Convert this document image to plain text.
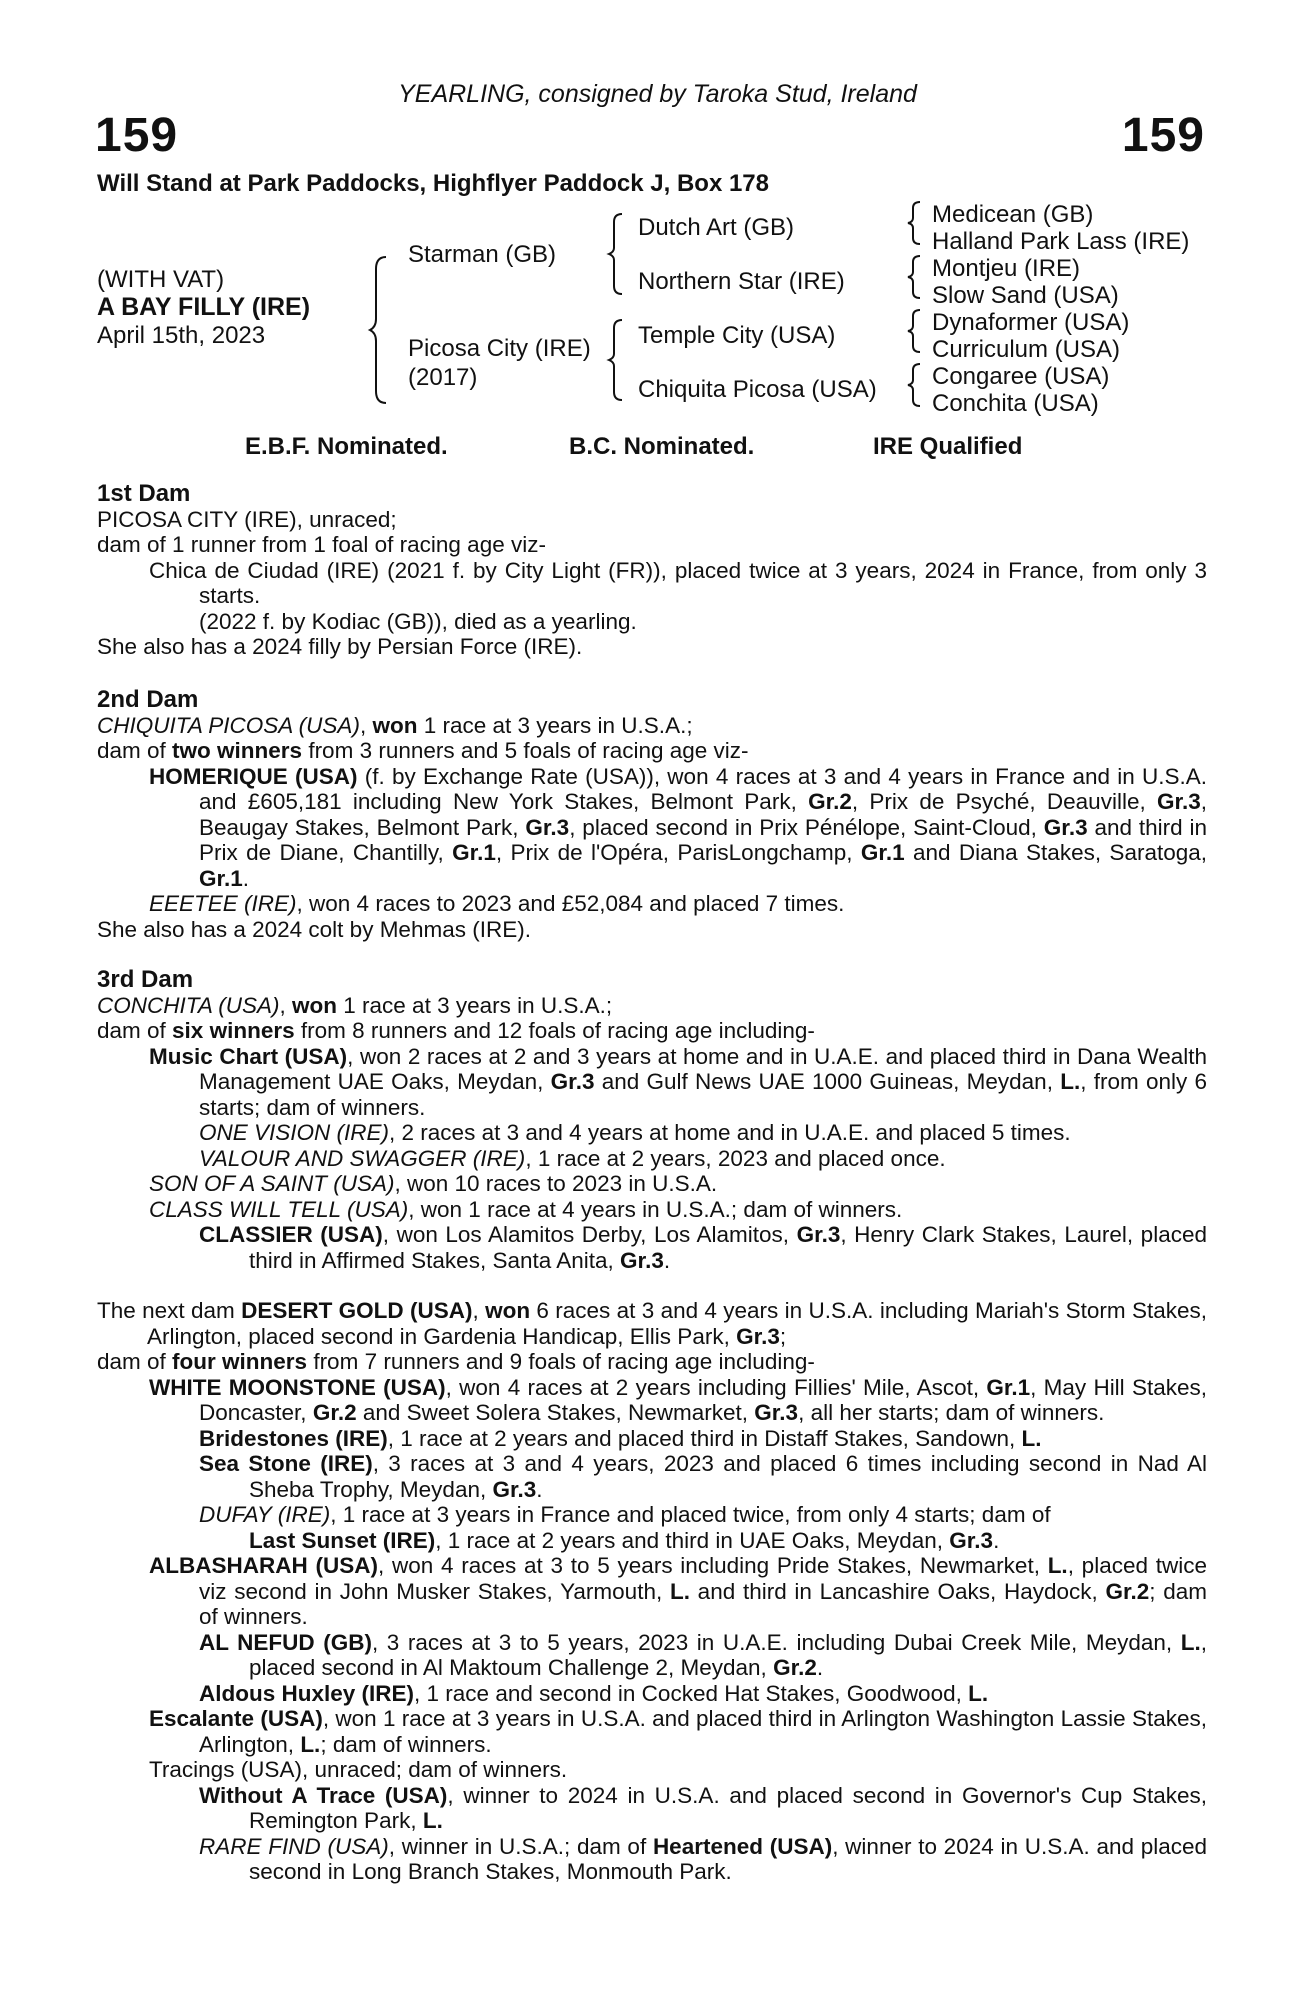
YEARLING, consigned by Taroka Stud, Ireland
159	159
Will Stand at Park Paddocks, Highflyer Paddock J, Box 178
(WITH VAT)
A BAY FILLY (IRE)
April 15th, 2023
Starman (GB)
Picosa City (IRE)
(2017)
Dutch Art (GB)
Northern Star (IRE)
Temple City (USA)
Chiquita Picosa (USA)
Medicean (GB)
Halland Park Lass (IRE)
Montjeu (IRE)
Slow Sand (USA)
Dynaformer (USA)
Curriculum (USA)
Congaree (USA)
Conchita (USA)
E.B.F. Nominated.	B.C. Nominated.	IRE Qualified
1st Dam
PICOSA CITY (IRE), unraced;
dam of 1 runner from 1 foal of racing age viz-
Chica de Ciudad (IRE) (2021 f. by City Light (FR)), placed twice at 3 years, 2024 in France, from only 3 starts.
(2022 f. by Kodiac (GB)), died as a yearling.
She also has a 2024 filly by Persian Force (IRE).
2nd Dam
CHIQUITA PICOSA (USA), won 1 race at 3 years in U.S.A.;
dam of two winners from 3 runners and 5 foals of racing age viz-
HOMERIQUE (USA) (f. by Exchange Rate (USA)), won 4 races at 3 and 4 years in France and in U.S.A. and £605,181 including New York Stakes, Belmont Park, Gr.2, Prix de Psyché, Deauville, Gr.3, Beaugay Stakes, Belmont Park, Gr.3, placed second in Prix Pénélope, Saint-Cloud, Gr.3 and third in Prix de Diane, Chantilly, Gr.1, Prix de l'Opéra, ParisLongchamp, Gr.1 and Diana Stakes, Saratoga, Gr.1.
EEETEE (IRE), won 4 races to 2023 and £52,084 and placed 7 times.
She also has a 2024 colt by Mehmas (IRE).
3rd Dam
CONCHITA (USA), won 1 race at 3 years in U.S.A.;
dam of six winners from 8 runners and 12 foals of racing age including-
Music Chart (USA), won 2 races at 2 and 3 years at home and in U.A.E. and placed third in Dana Wealth Management UAE Oaks, Meydan, Gr.3 and Gulf News UAE 1000 Guineas, Meydan, L., from only 6 starts; dam of winners.
ONE VISION (IRE), 2 races at 3 and 4 years at home and in U.A.E. and placed 5 times.
VALOUR AND SWAGGER (IRE), 1 race at 2 years, 2023 and placed once.
SON OF A SAINT (USA), won 10 races to 2023 in U.S.A.
CLASS WILL TELL (USA), won 1 race at 4 years in U.S.A.; dam of winners.
CLASSIER (USA), won Los Alamitos Derby, Los Alamitos, Gr.3, Henry Clark Stakes, Laurel, placed third in Affirmed Stakes, Santa Anita, Gr.3.
The next dam DESERT GOLD (USA), won 6 races at 3 and 4 years in U.S.A. including Mariah's Storm Stakes, Arlington, placed second in Gardenia Handicap, Ellis Park, Gr.3;
dam of four winners from 7 runners and 9 foals of racing age including-
WHITE MOONSTONE (USA), won 4 races at 2 years including Fillies' Mile, Ascot, Gr.1, May Hill Stakes, Doncaster, Gr.2 and Sweet Solera Stakes, Newmarket, Gr.3, all her starts; dam of winners.
Bridestones (IRE), 1 race at 2 years and placed third in Distaff Stakes, Sandown, L.
Sea Stone (IRE), 3 races at 3 and 4 years, 2023 and placed 6 times including second in Nad Al Sheba Trophy, Meydan, Gr.3.
DUFAY (IRE), 1 race at 3 years in France and placed twice, from only 4 starts; dam of
Last Sunset (IRE), 1 race at 2 years and third in UAE Oaks, Meydan, Gr.3.
ALBASHARAH (USA), won 4 races at 3 to 5 years including Pride Stakes, Newmarket, L., placed twice viz second in John Musker Stakes, Yarmouth, L. and third in Lancashire Oaks, Haydock, Gr.2; dam of winners.
AL NEFUD (GB), 3 races at 3 to 5 years, 2023 in U.A.E. including Dubai Creek Mile, Meydan, L., placed second in Al Maktoum Challenge 2, Meydan, Gr.2.
Aldous Huxley (IRE), 1 race and second in Cocked Hat Stakes, Goodwood, L.
Escalante (USA), won 1 race at 3 years in U.S.A. and placed third in Arlington Washington Lassie Stakes, Arlington, L.; dam of winners.
Tracings (USA), unraced; dam of winners.
Without A Trace (USA), winner to 2024 in U.S.A. and placed second in Governor's Cup Stakes, Remington Park, L.
RARE FIND (USA), winner in U.S.A.; dam of Heartened (USA), winner to 2024 in U.S.A. and placed second in Long Branch Stakes, Monmouth Park.
